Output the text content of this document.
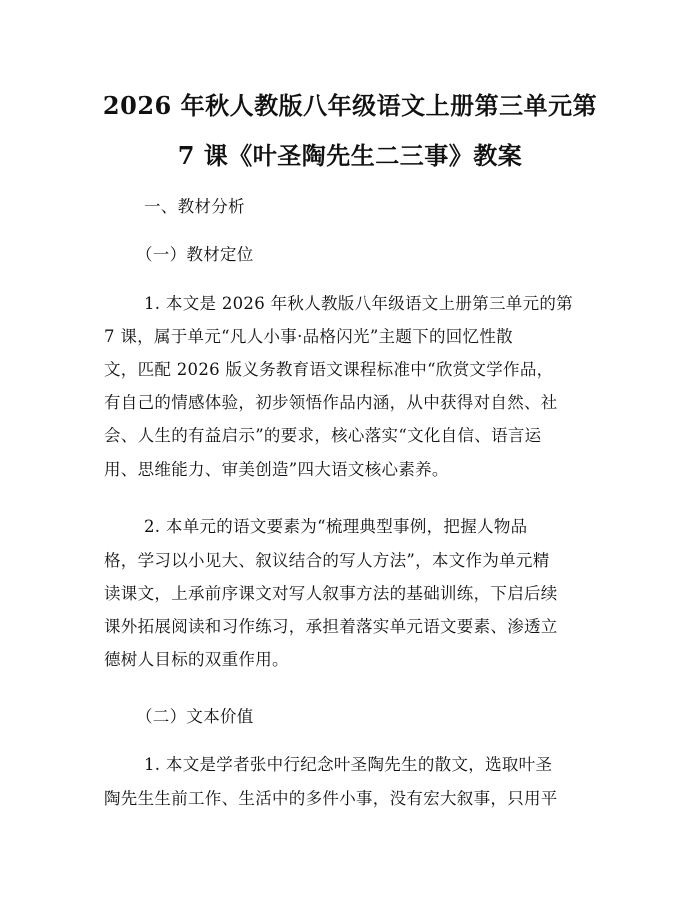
2026 年秋人教版八年级语文上册第三单元第
7 课《叶圣陶先生二三事》教案
一、教材分析
（一）教材定位
1. 本文是 2026 年秋人教版八年级语文上册第三单元的第
7 课，属于单元“凡人小事·品格闪光”主题下的回忆性散
文，匹配 2026 版义务教育语文课程标准中“欣赏文学作品，
有自己的情感体验，初步领悟作品内涵，从中获得对自然、社
会、人生的有益启示”的要求，核心落实“文化自信、语言运
用、思维能力、审美创造”四大语文核心素养。
2. 本单元的语文要素为“梳理典型事例，把握人物品
格，学习以小见大、叙议结合的写人方法”，本文作为单元精
读课文，上承前序课文对写人叙事方法的基础训练，下启后续
课外拓展阅读和习作练习，承担着落实单元语文要素、渗透立
德树人目标的双重作用。
（二）文本价值
1. 本文是学者张中行纪念叶圣陶先生的散文，选取叶圣
陶先生生前工作、生活中的多件小事，没有宏大叙事，只用平
